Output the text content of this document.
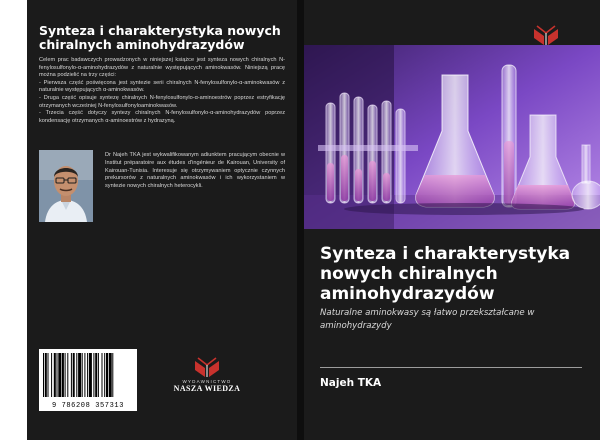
Synteza i charakterystyka nowych chiralnych aminohydrazydów

Celem prac badawczych prowadzonych w niniejszej książce jest synteza nowych chiralnych N-fenylosulfonylo-α-aminohydrazydów z naturalnie występujących aminokwasów. Niniejszą pracę można podzielić na trzy części:

- Pierwsza część poświęcona jest syntezie serii chiralnych N-fenylosulfonylo-α-aminokwasów z naturalnie występujących α-aminokwasów.

- Druga część opisuje syntezę chiralnych N-fenylosulfonylo-α-aminoestrów poprzez estryfikację otrzymanych wcześniej N-fenylosulfonyloaminokwasów.

- Trzecia część dotyczy syntezy chiralnych N-fenylosulfonylo-α-aminohydrazydów poprzez kondensację otrzymanych α-aminoestrów z hydrazyną.

Dr Najeh TKA jest wykwalifikowanym adiunktem pracującym obecnie w Institut préparatoire aux études d'ingénieur de Kairouan, University of Kairouan-Tunisia. Interesuje się otrzymywaniem optycznie czynnych prekursorów z naturalnych aminokwasów i ich wykorzystaniem w syntezie nowych chiralnych heterocykli.

9 786208 357313
WYDAWNICTWO
NASZA WIEDZA
Synteza i charakterystyka nowych chiralnych aminohydrazydów

Naturalne aminokwasy są łatwo przekształcane w aminohydrazydy

Najeh TKA
